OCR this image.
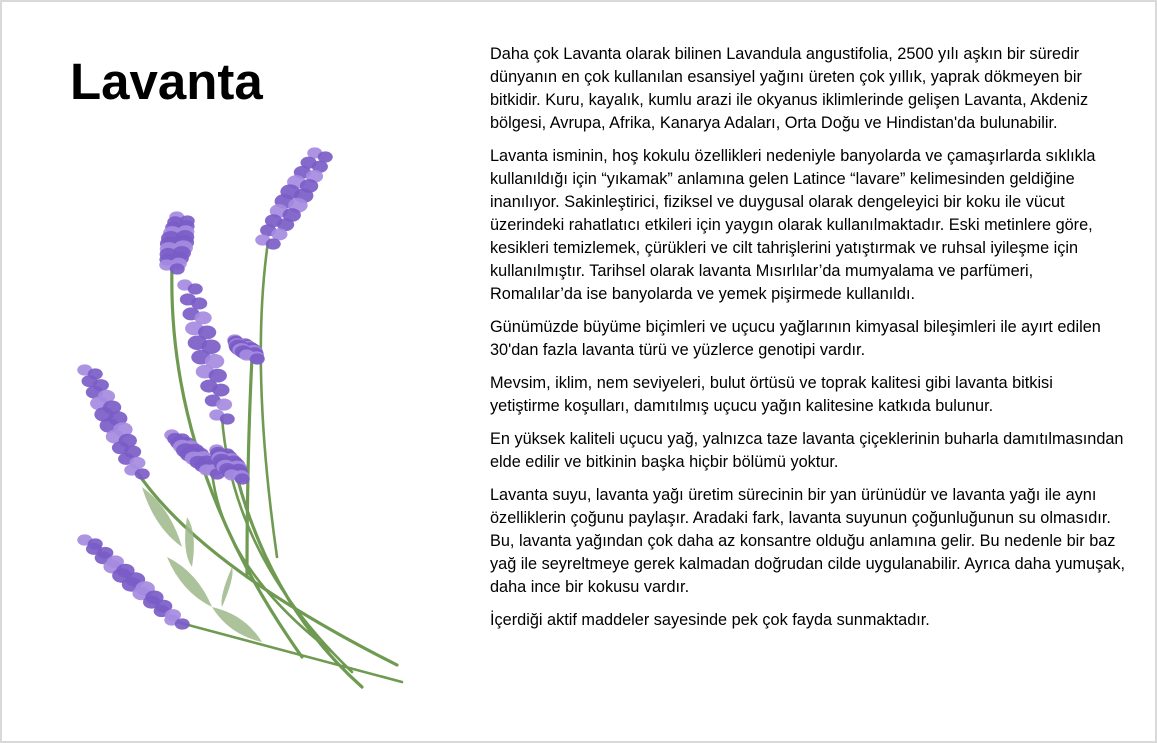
Lavanta	Daha çok Lavanta olarak bilinen Lavandula angustifolia, 2500 yılı aşkın bir süredir dünyanın en çok kullanılan esansiyel yağını üreten çok yıllık, yaprak dökmeyen bir bitkidir. Kuru, kayalık, kumlu arazi ile okyanus iklimlerinde gelişen Lavanta, Akdeniz bölgesi, Avrupa, Afrika, Kanarya Adaları, Orta Doğu ve Hindistan'da bulunabilir.

Lavanta isminin, hoş kokulu özellikleri nedeniyle banyolarda ve çamaşırlarda sıklıkla kullanıldığı için “yıkamak” anlamına gelen Latince “lavare” kelimesinden geldiğine inanılıyor. Sakinleştirici, fiziksel ve duygusal olarak dengeleyici bir koku ile vücut üzerindeki rahatlatıcı etkileri için yaygın olarak kullanılmaktadır. Eski metinlere göre, kesikleri temizlemek, çürükleri ve cilt tahrişlerini yatıştırmak ve ruhsal iyileşme için kullanılmıştır. Tarihsel olarak lavanta Mısırlılar’da mumyalama ve parfümeri, Romalılar’da ise banyolarda ve yemek pişirmede kullanıldı.

Günümüzde büyüme biçimleri ve uçucu yağlarının kimyasal bileşimleri ile ayırt edilen 30'dan fazla lavanta türü ve yüzlerce genotipi vardır.

Mevsim, iklim, nem seviyeleri, bulut örtüsü ve toprak kalitesi gibi lavanta bitkisi yetiştirme koşulları, damıtılmış uçucu yağın kalitesine katkıda bulunur.

En yüksek kaliteli uçucu yağ, yalnızca taze lavanta çiçeklerinin buharla damıtılmasından elde edilir ve bitkinin başka hiçbir bölümü yoktur.

Lavanta suyu, lavanta yağı üretim sürecinin bir yan ürünüdür ve lavanta yağı ile aynı özelliklerin çoğunu paylaşır. Aradaki fark, lavanta suyunun çoğunluğunun su olmasıdır. Bu, lavanta yağından çok daha az konsantre olduğu anlamına gelir. Bu nedenle bir baz yağ ile seyreltmeye gerek kalmadan doğrudan cilde uygulanabilir. Ayrıca daha yumuşak, daha ince bir kokusu vardır.

İçerdiği aktif maddeler sayesinde pek çok fayda sunmaktadır.
